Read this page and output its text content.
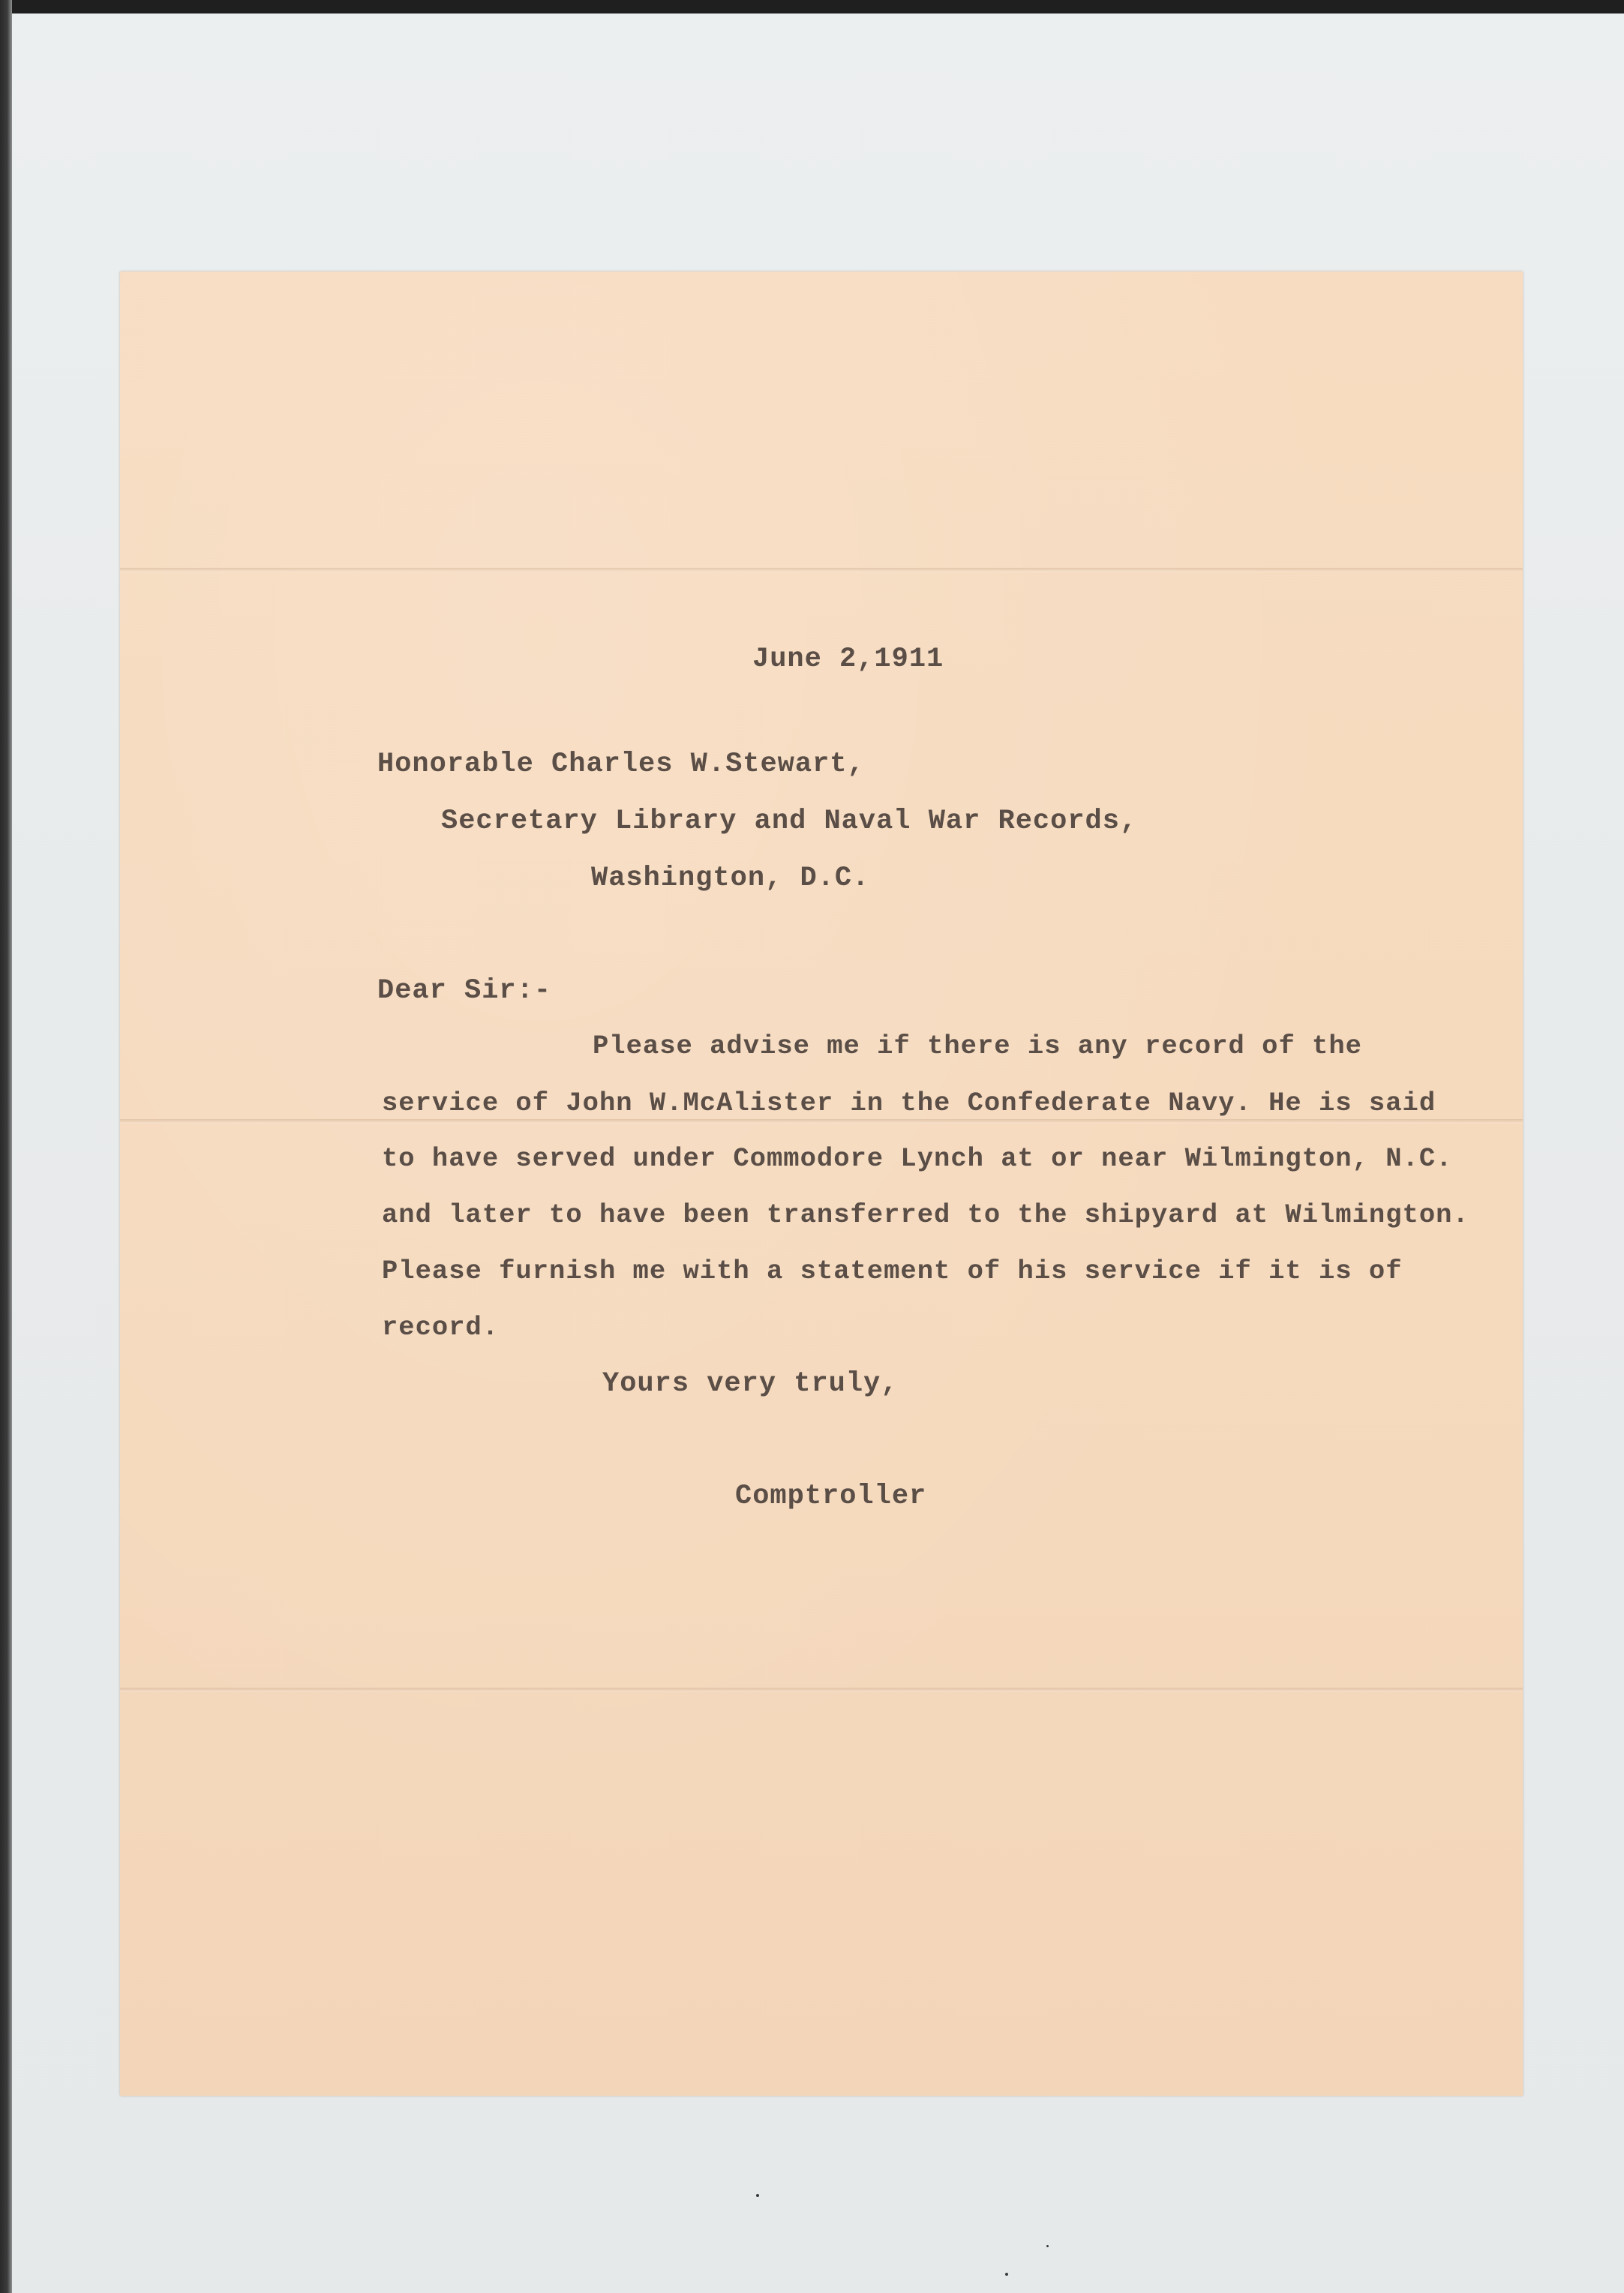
June 2,1911

Honorable Charles W.Stewart,

Secretary Library and Naval War Records,

Washington, D.C.

Dear Sir:-

Please advise me if there is any record of the

service of John W.McAlister in the Confederate Navy. He is said

to have served under Commodore Lynch at or near Wilmington, N.C.

and later to have been transferred to the shipyard at Wilmington.

Please furnish me with a statement of his service if it is of

record.

Yours very truly,

Comptroller
